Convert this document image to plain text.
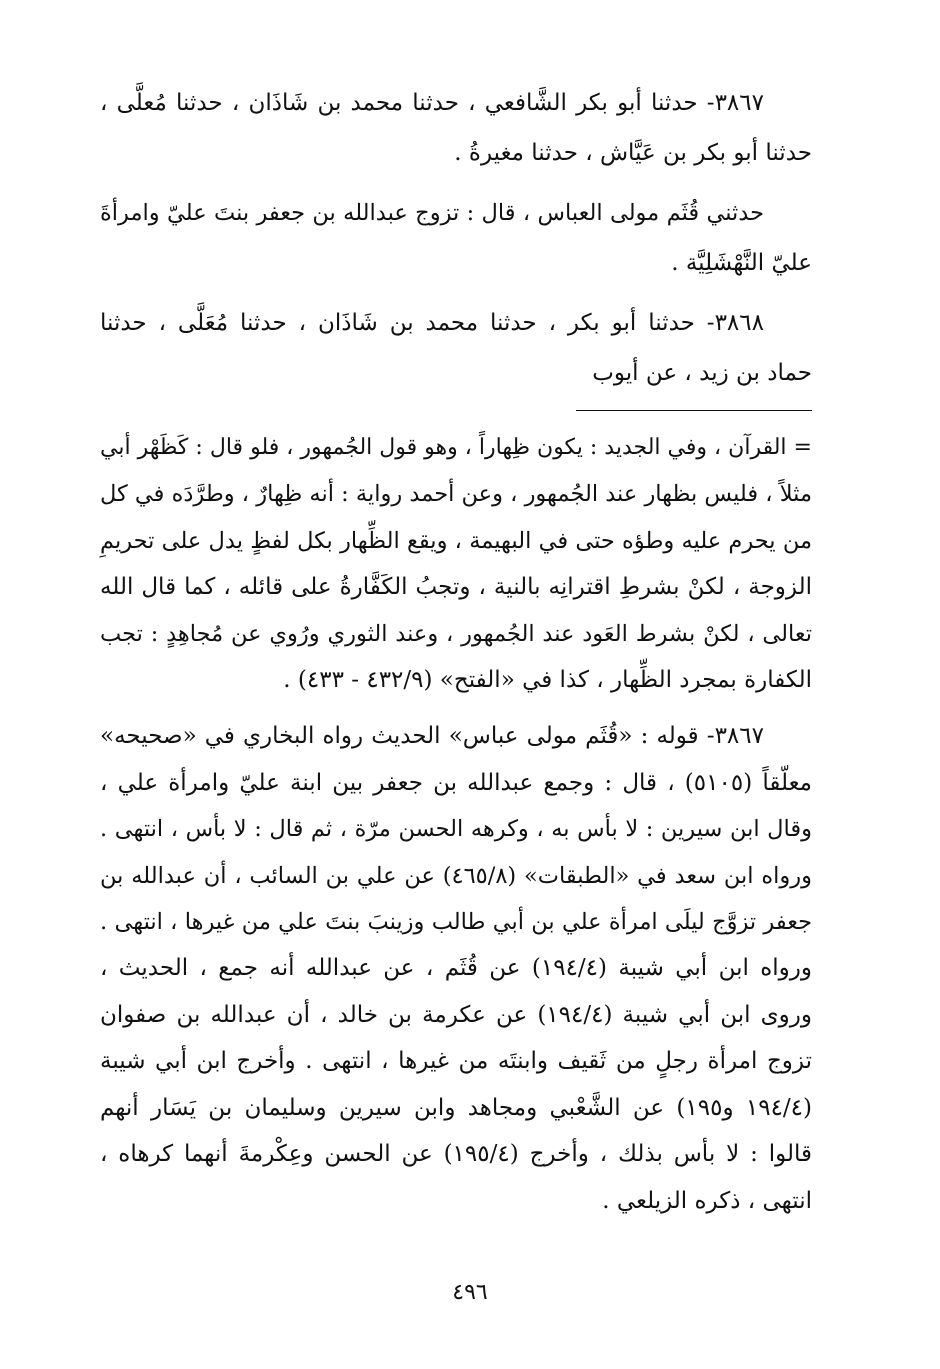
٣٨٦٧- حدثنا أبو بكر الشَّافعي ، حدثنا محمد بن شَاذَان ، حدثنا مُعلَّى ،
حدثنا أبو بكر بن عَيَّاش ، حدثنا مغيرةُ .
حدثني قُثَم مولى العباس ، قال : تزوج عبدالله بن جعفر بنتَ عليّ وامرأةَ
عليّ النَّهْشَلِيَّة .
٣٨٦٨- حدثنا أبو بكر ، حدثنا محمد بن شَاذَان ، حدثنا مُعَلَّى ، حدثنا
حماد بن زيد ، عن أيوب
= القرآن ، وفي الجديد : يكون ظِهاراً ، وهو قول الجُمهور ، فلو قال : كَظَهْر أبي
مثلاً ، فليس بظهار عند الجُمهور ، وعن أحمد رواية : أنه ظِهارٌ ، وطرَّدَه في كل
من يحرم عليه وطؤه حتى في البهيمة ، ويقع الظِّهار بكل لفظٍ يدل على تحريمِ
الزوجة ، لكنْ بشرطِ اقترانِه بالنية ، وتجبُ الكَفَّارةُ على قائله ، كما قال الله
تعالى ، لكنْ بشرط العَود عند الجُمهور ، وعند الثوري ورُوي عن مُجاهِدٍ : تجب
الكفارة بمجرد الظِّهار ، كذا في «الفتح» (٤٣٢/٩ - ٤٣٣) .
٣٨٦٧- قوله : «قُثَم مولى عباس» الحديث رواه البخاري في «صحيحه»
معلّقاً (٥١٠٥) ، قال : وجمع عبدالله بن جعفر بين ابنة عليّ وامرأة علي ،
وقال ابن سيرين : لا بأس به ، وكرهه الحسن مرّة ، ثم قال : لا بأس ، انتهى .
ورواه ابن سعد في «الطبقات» (٤٦٥/٨) عن علي بن السائب ، أن عبدالله بن
جعفر تزوَّج ليلَى امرأة علي بن أبي طالب وزينبَ بنتَ علي من غيرها ، انتهى .
ورواه ابن أبي شيبة (١٩٤/٤) عن قُثَم ، عن عبدالله أنه جمع ، الحديث ،
وروى ابن أبي شيبة (١٩٤/٤) عن عكرمة بن خالد ، أن عبدالله بن صفوان
تزوج امرأة رجلٍ من ثَقيف وابنتَه من غيرها ، انتهى . وأخرج ابن أبي شيبة
(١٩٤/٤ و١٩٥) عن الشَّعْبي ومجاهد وابن سيرين وسليمان بن يَسَار أنهم
قالوا : لا بأس بذلك ، وأخرج (١٩٥/٤) عن الحسن وعِكْرمةَ أنهما كرهاه ،
انتهى ، ذكره الزيلعي .
٤٩٦
